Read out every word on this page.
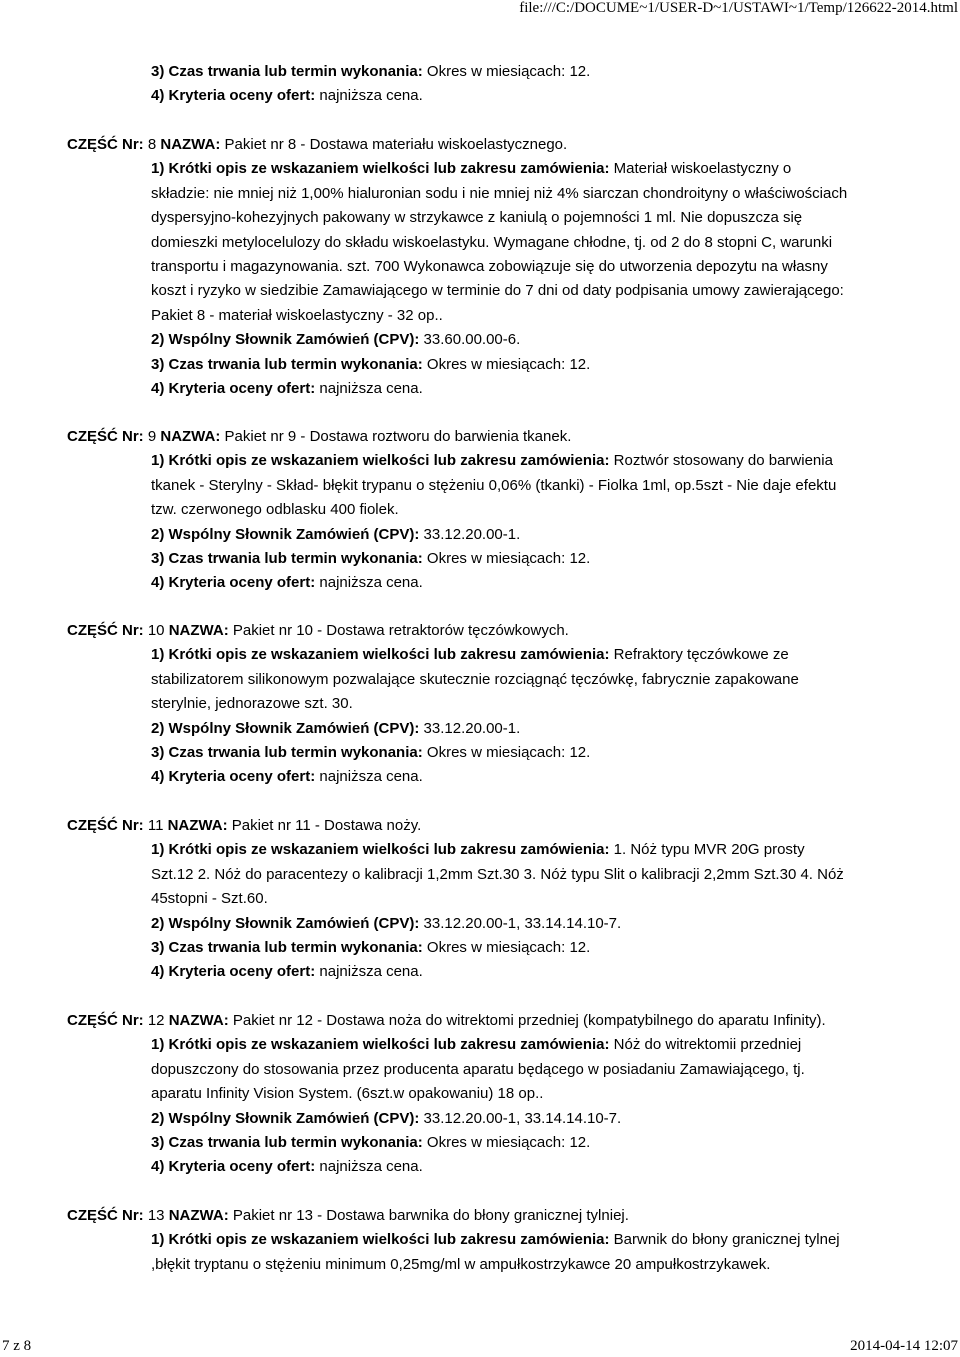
file:///C:/DOCUME~1/USER-D~1/USTAWI~1/Temp/126622-2014.html
3) Czas trwania lub termin wykonania: Okres w miesiącach: 12.
4) Kryteria oceny ofert: najniższa cena.
CZĘŚĆ Nr: 8 NAZWA: Pakiet nr 8 - Dostawa materiału wiskoelastycznego.
1) Krótki opis ze wskazaniem wielkości lub zakresu zamówienia: Materiał wiskoelastyczny o
składzie: nie mniej niż 1,00% hialuronian sodu i nie mniej niż 4% siarczan chondroityny o właściwościach
dyspersyjno-kohezyjnych pakowany w strzykawce z kaniulą o pojemności 1 ml. Nie dopuszcza się
domieszki metylocelulozy do składu wiskoelastyku. Wymagane chłodne, tj. od 2 do 8 stopni C, warunki
transportu i magazynowania. szt. 700 Wykonawca zobowiązuje się do utworzenia depozytu na własny
koszt i ryzyko w siedzibie Zamawiającego w terminie do 7 dni od daty podpisania umowy zawierającego:
Pakiet 8 - materiał wiskoelastyczny - 32 op..
2) Wspólny Słownik Zamówień (CPV): 33.60.00.00-6.
3) Czas trwania lub termin wykonania: Okres w miesiącach: 12.
4) Kryteria oceny ofert: najniższa cena.
CZĘŚĆ Nr: 9 NAZWA: Pakiet nr 9 - Dostawa roztworu do barwienia tkanek.
1) Krótki opis ze wskazaniem wielkości lub zakresu zamówienia: Roztwór stosowany do barwienia
tkanek - Sterylny - Skład- błękit trypanu o stężeniu 0,06% (tkanki) - Fiolka 1ml, op.5szt - Nie daje efektu
tzw. czerwonego odblasku 400 fiolek.
2) Wspólny Słownik Zamówień (CPV): 33.12.20.00-1.
3) Czas trwania lub termin wykonania: Okres w miesiącach: 12.
4) Kryteria oceny ofert: najniższa cena.
CZĘŚĆ Nr: 10 NAZWA: Pakiet nr 10 - Dostawa retraktorów tęczówkowych.
1) Krótki opis ze wskazaniem wielkości lub zakresu zamówienia: Refraktory tęczówkowe ze
stabilizatorem silikonowym pozwalające skutecznie rozciągnąć tęczówkę, fabrycznie zapakowane
sterylnie, jednorazowe szt. 30.
2) Wspólny Słownik Zamówień (CPV): 33.12.20.00-1.
3) Czas trwania lub termin wykonania: Okres w miesiącach: 12.
4) Kryteria oceny ofert: najniższa cena.
CZĘŚĆ Nr: 11 NAZWA: Pakiet nr 11 - Dostawa noży.
1) Krótki opis ze wskazaniem wielkości lub zakresu zamówienia: 1. Nóż typu MVR 20G prosty
Szt.12 2. Nóż do paracentezy o kalibracji 1,2mm Szt.30 3. Nóż typu Slit o kalibracji 2,2mm Szt.30 4. Nóż
45stopni - Szt.60.
2) Wspólny Słownik Zamówień (CPV): 33.12.20.00-1, 33.14.14.10-7.
3) Czas trwania lub termin wykonania: Okres w miesiącach: 12.
4) Kryteria oceny ofert: najniższa cena.
CZĘŚĆ Nr: 12 NAZWA: Pakiet nr 12 - Dostawa noża do witrektomi przedniej (kompatybilnego do aparatu Infinity).
1) Krótki opis ze wskazaniem wielkości lub zakresu zamówienia: Nóż do witrektomii przedniej
dopuszczony do stosowania przez producenta aparatu będącego w posiadaniu Zamawiającego, tj.
aparatu Infinity Vision System. (6szt.w opakowaniu) 18 op..
2) Wspólny Słownik Zamówień (CPV): 33.12.20.00-1, 33.14.14.10-7.
3) Czas trwania lub termin wykonania: Okres w miesiącach: 12.
4) Kryteria oceny ofert: najniższa cena.
CZĘŚĆ Nr: 13 NAZWA: Pakiet nr 13 - Dostawa barwnika do błony granicznej tylniej.
1) Krótki opis ze wskazaniem wielkości lub zakresu zamówienia: Barwnik do błony granicznej tylnej
,błękit tryptanu o stężeniu minimum 0,25mg/ml w ampułkostrzykawce 20 ampułkostrzykawek.
7 z 8	2014-04-14 12:07
